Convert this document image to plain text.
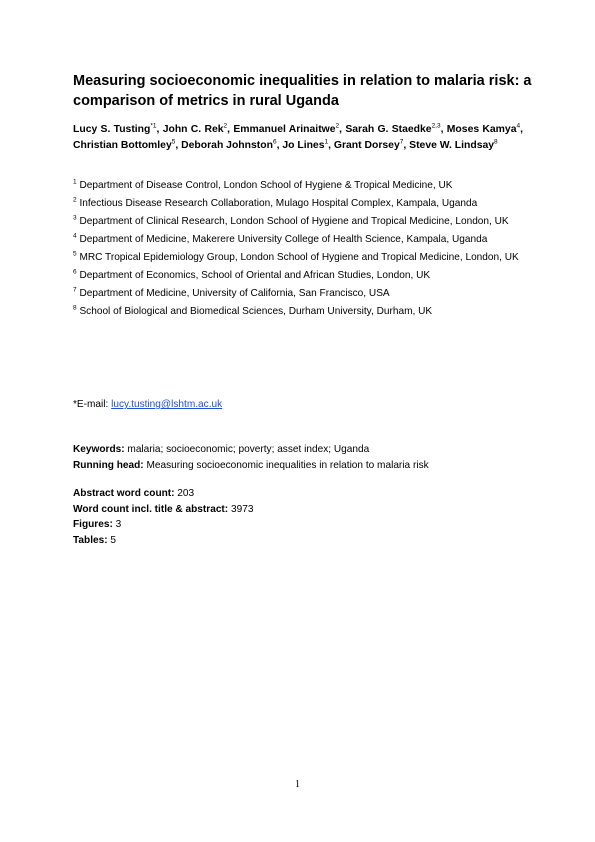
Measuring socioeconomic inequalities in relation to malaria risk: a comparison of metrics in rural Uganda
Lucy S. Tusting$^{*1}$, John C. Rek$^2$, Emmanuel Arinaitwe$^2$, Sarah G. Staedke$^{2,3}$, Moses Kamya$^4$, Christian Bottomley$^5$, Deborah Johnston$^6$, Jo Lines$^1$, Grant Dorsey$^7$, Steve W. Lindsay$^8$
$^1$ Department of Disease Control, London School of Hygiene & Tropical Medicine, UK
$^2$ Infectious Disease Research Collaboration, Mulago Hospital Complex, Kampala, Uganda
$^3$ Department of Clinical Research, London School of Hygiene and Tropical Medicine, London, UK
$^4$ Department of Medicine, Makerere University College of Health Science, Kampala, Uganda
$^5$ MRC Tropical Epidemiology Group, London School of Hygiene and Tropical Medicine, London, UK
$^6$ Department of Economics, School of Oriental and African Studies, London, UK
$^7$ Department of Medicine, University of California, San Francisco, USA
$^8$ School of Biological and Biomedical Sciences, Durham University, Durham, UK
*E-mail: lucy.tusting@lshtm.ac.uk
Keywords: malaria; socioeconomic; poverty; asset index; Uganda
Running head: Measuring socioeconomic inequalities in relation to malaria risk
Abstract word count: 203
Word count incl. title & abstract: 3973
Figures: 3
Tables: 5
1
